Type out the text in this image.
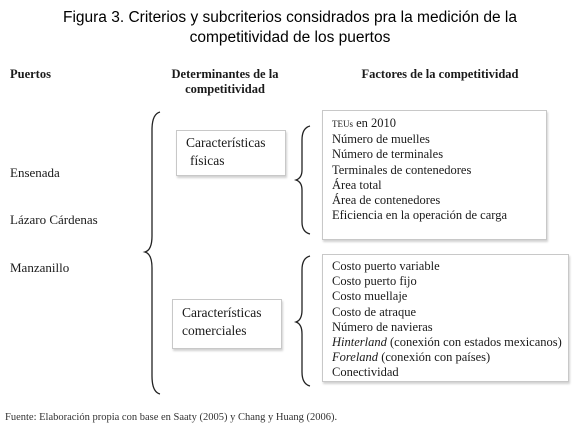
Figura 3. Criterios y subcriterios considrados pra la medición de la
competitividad de los puertos
Puertos	Determinantes de la
competitividad
Factores de la competitividad
Ensenada
Lázaro Cárdenas
Manzanillo
Características
físicas
Características
comerciales
TEUs en 2010
Número de muelles
Número de terminales
Terminales de contenedores
Área total
Área de contenedores
Eficiencia en la operación de carga
Costo puerto variable
Costo puerto fijo
Costo muellaje
Costo de atraque
Número de navieras
Hinterland (conexión con estados mexicanos)
Foreland (conexión con países)
Conectividad
Fuente: Elaboración propia con base en Saaty (2005) y Chang y Huang (2006).
